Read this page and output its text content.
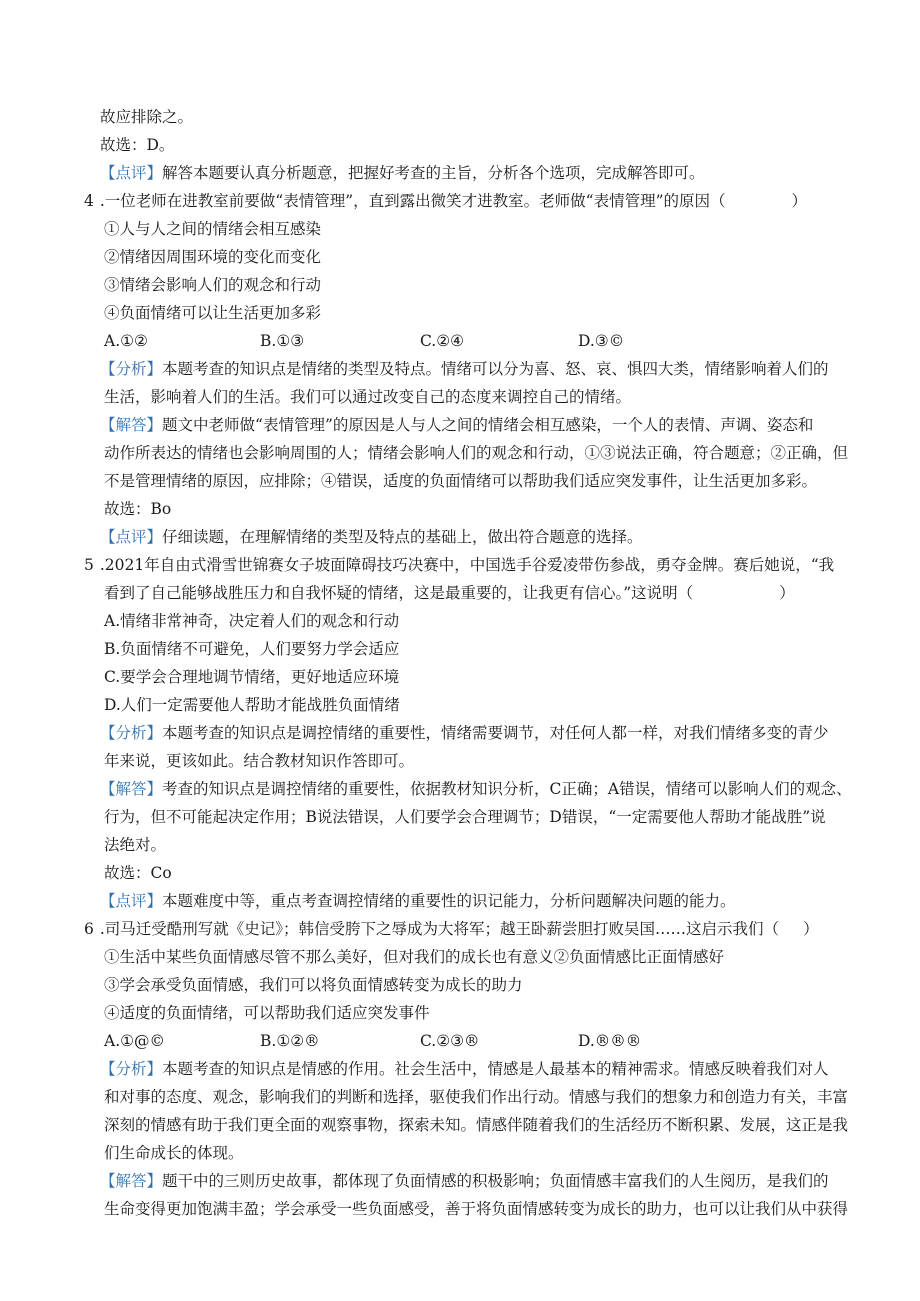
故应排除之。
故选：D。
【点评】解答本题要认真分析题意，把握好考查的主旨，分析各个选项，完成解答即可。
4 .一位老师在进教室前要做“表情管理”，直到露出微笑才进教室。老师做“表情管理”的原因（	）
①人与人之间的情绪会相互感染
②情绪因周围环境的变化而变化
③情绪会影响人们的观念和行动
④负面情绪可以让生活更加多彩
A.①②	B.①③	C.②④	D.③©
【分析】本题考查的知识点是情绪的类型及特点。情绪可以分为喜、怒、哀、惧四大类，情绪影响着人们的
生活，影响着人们的生活。我们可以通过改变自己的态度来调控自己的情绪。
【解答】题文中老师做“表情管理”的原因是人与人之间的情绪会相互感染，一个人的表情、声调、姿态和
动作所表达的情绪也会影响周围的人；情绪会影响人们的观念和行动，①③说法正确，符合题意；②正确，但
不是管理情绪的原因，应排除；④错误，适度的负面情绪可以帮助我们适应突发事件，让生活更加多彩。
故选：Bo
【点评】仔细读题，在理解情绪的类型及特点的基础上，做出符合题意的选择。
5 .2021年自由式滑雪世锦赛女子坡面障碍技巧决赛中，中国选手谷爱凌带伤参战，勇夺金牌。赛后她说，“我
看到了自己能够战胜压力和自我怀疑的情绪，这是最重要的，让我更有信心。”这说明（	）
A.情绪非常神奇，决定着人们的观念和行动
B.负面情绪不可避免，人们要努力学会适应
C.要学会合理地调节情绪，更好地适应环境
D.人们一定需要他人帮助才能战胜负面情绪
【分析】本题考查的知识点是调控情绪的重要性，情绪需要调节，对任何人都一样，对我们情绪多变的青少
年来说，更该如此。结合教材知识作答即可。
【解答】考查的知识点是调控情绪的重要性，依据教材知识分析，C正确；A错误，情绪可以影响人们的观念、
行为，但不可能起决定作用；B说法错误，人们要学会合理调节；D错误，“一定需要他人帮助才能战胜”说
法绝对。
故选：Co
【点评】本题难度中等，重点考查调控情绪的重要性的识记能力，分析问题解决问题的能力。
6 .司马迁受酷刑写就《史记》；韩信受胯下之辱成为大将军；越王卧薪尝胆打败吴国……这启示我们（ ）
①生活中某些负面情感尽管不那么美好，但对我们的成长也有意义②负面情感比正面情感好
③学会承受负面情感，我们可以将负面情感转变为成长的助力
④适度的负面情绪，可以帮助我们适应突发事件
A.①@©	B.①②®	C.②③®	D.®®®
【分析】本题考查的知识点是情感的作用。社会生活中，情感是人最基本的精神需求。情感反映着我们对人
和对事的态度、观念，影响我们的判断和选择，驱使我们作出行动。情感与我们的想象力和创造力有关，丰富
深刻的情感有助于我们更全面的观察事物，探索未知。情感伴随着我们的生活经历不断积累、发展，这正是我
们生命成长的体现。
【解答】题干中的三则历史故事，都体现了负面情感的积极影响；负面情感丰富我们的人生阅历，是我们的
生命变得更加饱满丰盈；学会承受一些负面感受，善于将负面情感转变为成长的助力，也可以让我们从中获得
